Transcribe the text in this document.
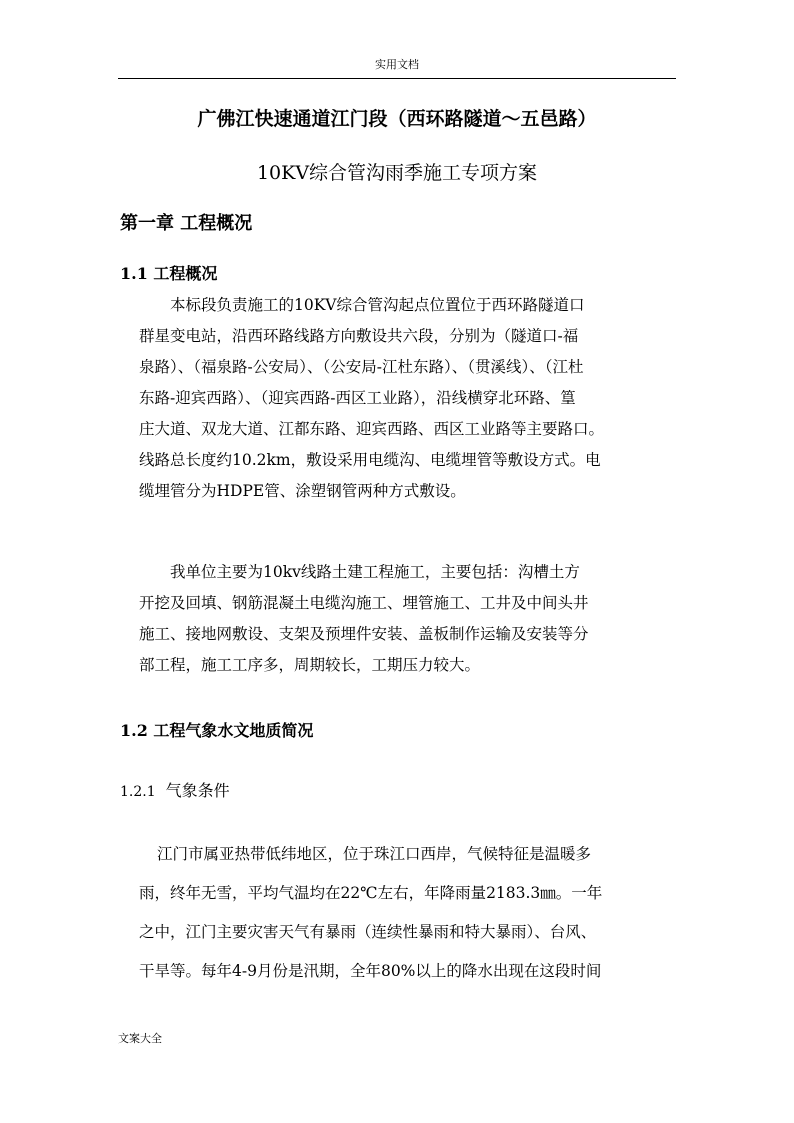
实用文档
广佛江快速通道江门段（西环路隧道～五邑路）
10KV综合管沟雨季施工专项方案
第一章 工程概况
1.1 工程概况
本标段负责施工的10KV综合管沟起点位置位于西环路隧道口
群星变电站，沿西环路线路方向敷设共六段，分别为（隧道口-福
泉路）、（福泉路-公安局）、（公安局-江杜东路）、（贯溪线）、（江杜
东路-迎宾西路）、（迎宾西路-西区工业路），沿线横穿北环路、篁
庄大道、双龙大道、江都东路、迎宾西路、西区工业路等主要路口。
线路总长度约10.2km，敷设采用电缆沟、电缆埋管等敷设方式。电
缆埋管分为HDPE管、涂塑钢管两种方式敷设。
我单位主要为10kv线路土建工程施工，主要包括：沟槽土方
开挖及回填、钢筋混凝土电缆沟施工、埋管施工、工井及中间头井
施工、接地网敷设、支架及预埋件安装、盖板制作运输及安装等分
部工程，施工工序多，周期较长，工期压力较大。
1.2 工程气象水文地质简况
1.2.1 气象条件
江门市属亚热带低纬地区，位于珠江口西岸，气候特征是温暖多
雨，终年无雪，平均气温均在22℃左右，年降雨量2183.3㎜。一年
之中，江门主要灾害天气有暴雨（连续性暴雨和特大暴雨）、台风、
干旱等。每年4-9月份是汛期，全年80%以上的降水出现在这段时间
文案大全
